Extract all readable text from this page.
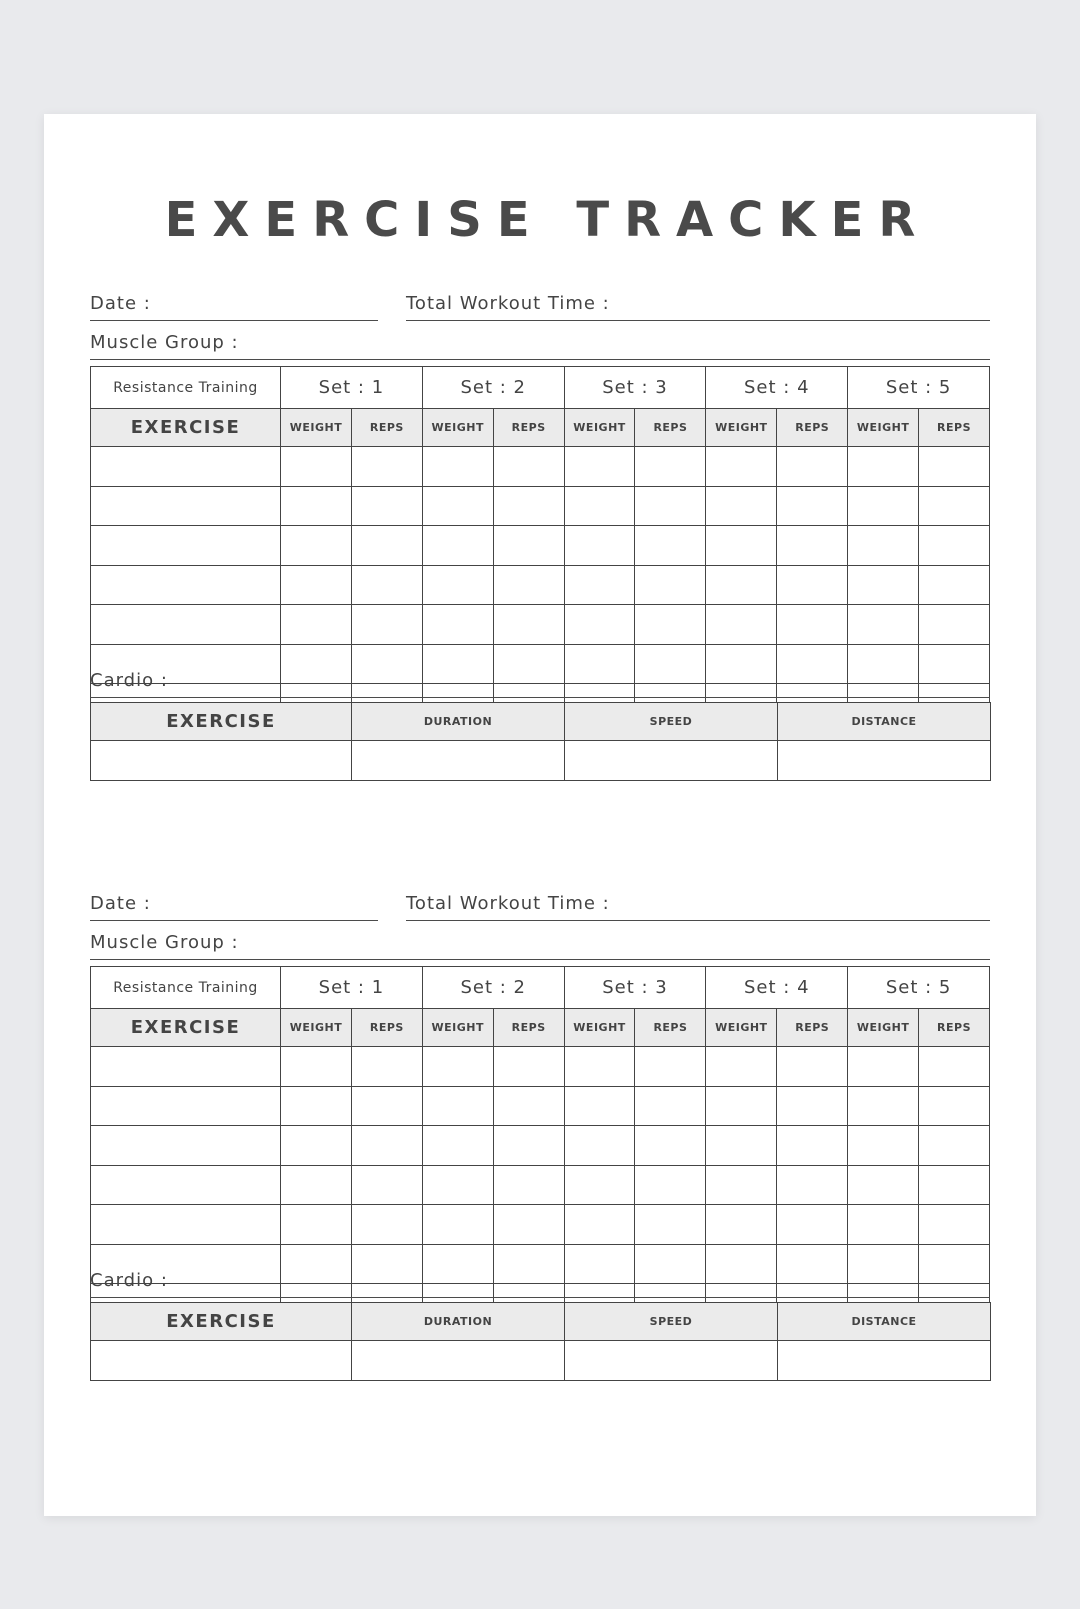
EXERCISE TRACKER
Date :	Total Workout Time :
Muscle Group :
Resistance Training	Set : 1		Set : 2		Set : 3		Set : 4		Set : 5	
EXERCISE	WEIGHT	REPS	WEIGHT	REPS	WEIGHT	REPS	WEIGHT	REPS	WEIGHT	REPS

Cardio :
EXERCISE	DURATION	SPEED	DISTANCE

Date :	Total Workout Time :
Muscle Group :
Resistance Training	Set : 1		Set : 2		Set : 3		Set : 4		Set : 5	
EXERCISE	WEIGHT	REPS	WEIGHT	REPS	WEIGHT	REPS	WEIGHT	REPS	WEIGHT	REPS

Cardio :
EXERCISE	DURATION	SPEED	DISTANCE
